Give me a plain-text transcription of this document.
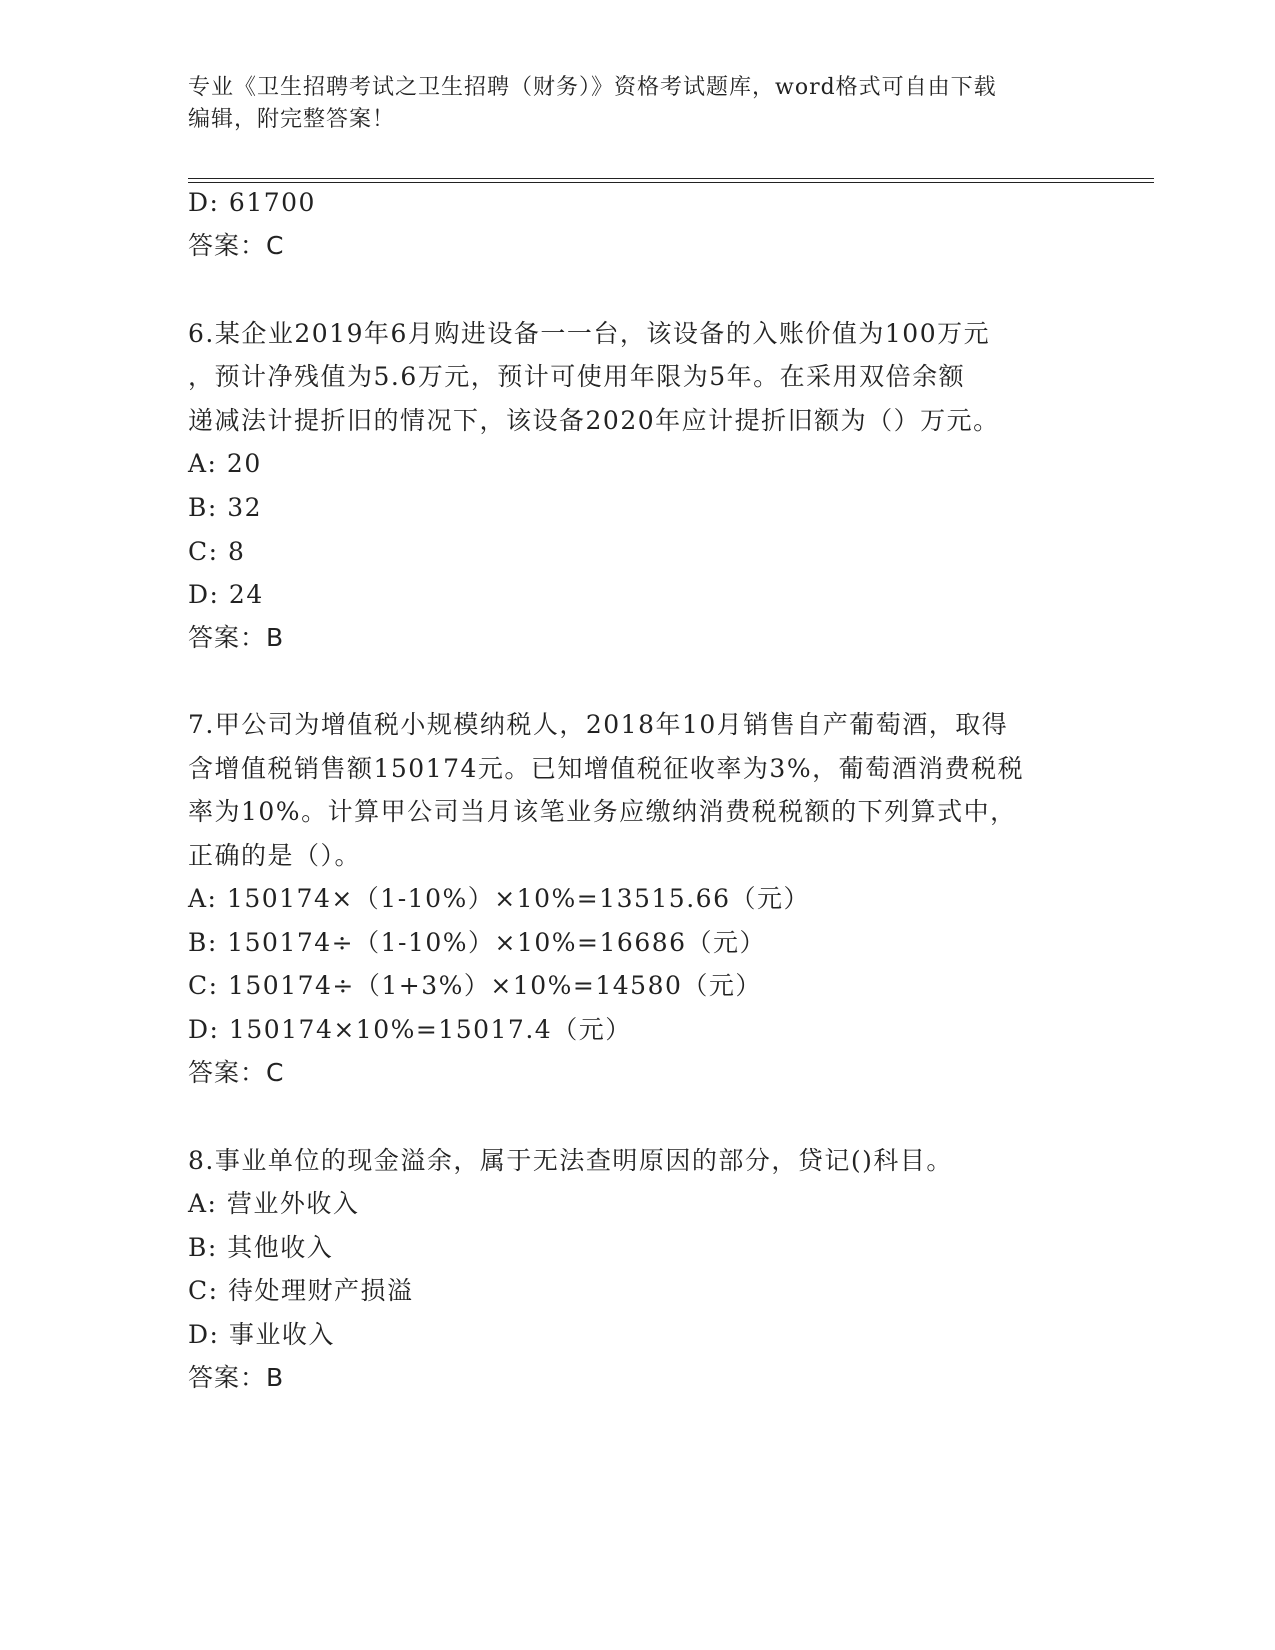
专业《卫生招聘考试之卫生招聘（财务）》资格考试题库，word格式可自由下载
编辑，附完整答案！
D: 61700
答案：C
6.某企业2019年6月购进设备一一台，该设备的入账价值为100万元
，预计净残值为5.6万元，预计可使用年限为5年。在采用双倍余额
递减法计提折旧的情况下，该设备2020年应计提折旧额为（）万元。
A: 20
B: 32
C: 8
D: 24
答案：B
7.甲公司为增值税小规模纳税人，2018年10月销售自产葡萄酒，取得
含增值税销售额150174元。已知增值税征收率为3%，葡萄酒消费税税
率为10%。计算甲公司当月该笔业务应缴纳消费税税额的下列算式中，
正确的是（）。
A: 150174×（1-10%）×10%=13515.66（元）
B: 150174÷（1-10%）×10%=16686（元）
C: 150174÷（1+3%）×10%=14580（元）
D: 150174×10%=15017.4（元）
答案：C
8.事业单位的现金溢余，属于无法查明原因的部分，贷记()科目。
A: 营业外收入
B: 其他收入
C: 待处理财产损溢
D: 事业收入
答案：B
